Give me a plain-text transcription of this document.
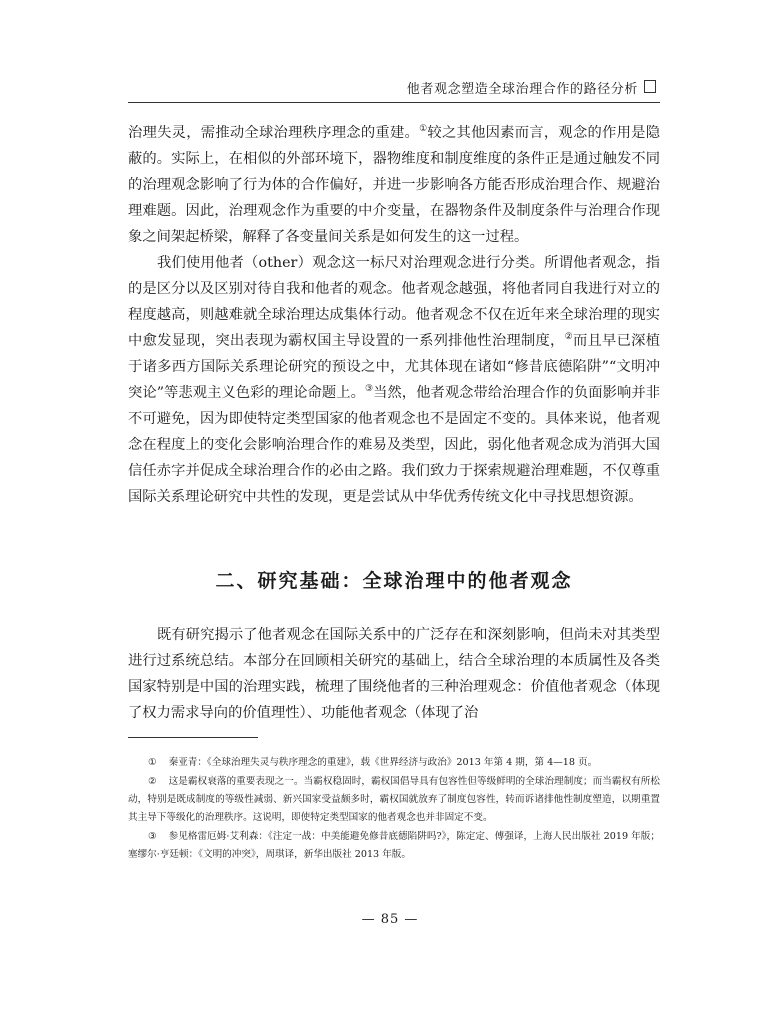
他者观念塑造全球治理合作的路径分析

治理失灵，需推动全球治理秩序理念的重建。①较之其他因素而言，观念的作用是隐蔽的。实际上，在相似的外部环境下，器物维度和制度维度的条件正是通过触发不同的治理观念影响了行为体的合作偏好，并进一步影响各方能否形成治理合作、规避治理难题。因此，治理观念作为重要的中介变量，在器物条件及制度条件与治理合作现象之间架起桥梁，解释了各变量间关系是如何发生的这一过程。

我们使用他者（other）观念这一标尺对治理观念进行分类。所谓他者观念，指的是区分以及区别对待自我和他者的观念。他者观念越强，将他者同自我进行对立的程度越高，则越难就全球治理达成集体行动。他者观念不仅在近年来全球治理的现实中愈发显现，突出表现为霸权国主导设置的一系列排他性治理制度，②而且早已深植于诸多西方国际关系理论研究的预设之中，尤其体现在诸如“修昔底德陷阱”“文明冲突论”等悲观主义色彩的理论命题上。③当然，他者观念带给治理合作的负面影响并非不可避免，因为即使特定类型国家的他者观念也不是固定不变的。具体来说，他者观念在程度上的变化会影响治理合作的难易及类型，因此，弱化他者观念成为消弭大国信任赤字并促成全球治理合作的必由之路。我们致力于探索规避治理难题，不仅尊重国际关系理论研究中共性的发现，更是尝试从中华优秀传统文化中寻找思想资源。

二、研究基础：全球治理中的他者观念

既有研究揭示了他者观念在国际关系中的广泛存在和深刻影响，但尚未对其类型进行过系统总结。本部分在回顾相关研究的基础上，结合全球治理的本质属性及各类国家特别是中国的治理实践，梳理了围绕他者的三种治理观念：价值他者观念（体现了权力需求导向的价值理性）、功能他者观念（体现了治

① 秦亚青：《全球治理失灵与秩序理念的重建》，载《世界经济与政治》2013 年第 4 期，第 4—18 页。

② 这是霸权衰落的重要表现之一。当霸权稳固时，霸权国倡导具有包容性但等级鲜明的全球治理制度；而当霸权有所松动，特别是既成制度的等级性减弱、新兴国家受益颇多时，霸权国就放弃了制度包容性，转而诉诸排他性制度塑造，以期重置其主导下等级化的治理秩序。这说明，即使特定类型国家的他者观念也并非固定不变。

③ 参见格雷厄姆·艾利森：《注定一战：中美能避免修昔底德陷阱吗?》，陈定定、傅强译，上海人民出版社 2019 年版；塞缪尔·亨廷顿：《文明的冲突》，周琪译，新华出版社 2013 年版。

— 85 —
